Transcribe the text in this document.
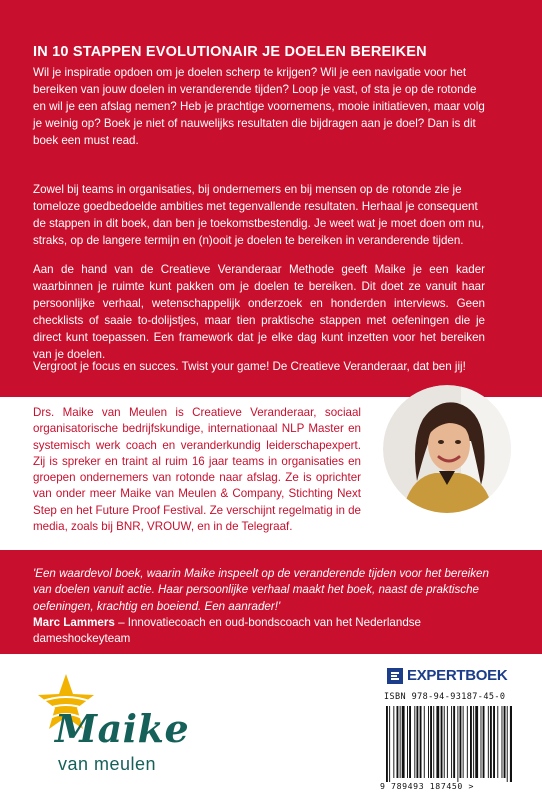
IN 10 STAPPEN EVOLUTIONAIR JE DOELEN BEREIKEN
Wil je inspiratie opdoen om je doelen scherp te krijgen? Wil je een navigatie voor het bereiken van jouw doelen in veranderende tijden? Loop je vast, of sta je op de rotonde en wil je een afslag nemen? Heb je prachtige voornemens, mooie initiatieven, maar volg je weinig op? Boek je niet of nauwelijks resultaten die bijdragen aan je doel? Dan is dit boek een must read.
Zowel bij teams in organisaties, bij ondernemers en bij mensen op de rotonde zie je tomeloze goedbedoelde ambities met tegenvallende resultaten. Herhaal je consequent de stappen in dit boek, dan ben je toekomstbestendig. Je weet wat je moet doen om nu, straks, op de langere termijn en (n)ooit je doelen te bereiken in veranderende tijden.
Aan de hand van de Creatieve Veranderaar Methode geeft Maike je een kader waarbinnen je ruimte kunt pakken om je doelen te bereiken. Dit doet ze vanuit haar persoonlijke verhaal, wetenschappelijk onderzoek en honderden interviews. Geen checklists of saaie to-dolijstjes, maar tien praktische stappen met oefeningen die je direct kunt toepassen. Een framework dat je elke dag kunt inzetten voor het bereiken van je doelen.
Vergroot je focus en succes. Twist your game! De Creatieve Veranderaar, dat ben jij!
Drs. Maike van Meulen is Creatieve Veranderaar, sociaal organisatorische bedrijfskundige, internationaal NLP Master en systemisch werk coach en veranderkundig leiderschapexpert. Zij is spreker en traint al ruim 16 jaar teams in organisaties en groepen ondernemers van rotonde naar afslag. Ze is oprichter van onder meer Maike van Meulen & Company, Stichting Next Step en het Future Proof Festival. Ze verschijnt regelmatig in de media, zoals bij BNR, VROUW, en in de Telegraaf.
'Een waardevol boek, waarin Maike inspeelt op de veranderende tijden voor het bereiken van doelen vanuit actie. Haar persoonlijke verhaal maakt het boek, naast de praktische oefeningen, krachtig en boeiend. Een aanrader!'
Marc Lammers – Innovatiecoach en oud-bondscoach van het Nederlandse dameshockeyteam
Maike
van meulen
EXPERTBOEK
ISBN 978-94-93187-45-0
9 789493 187450 >
